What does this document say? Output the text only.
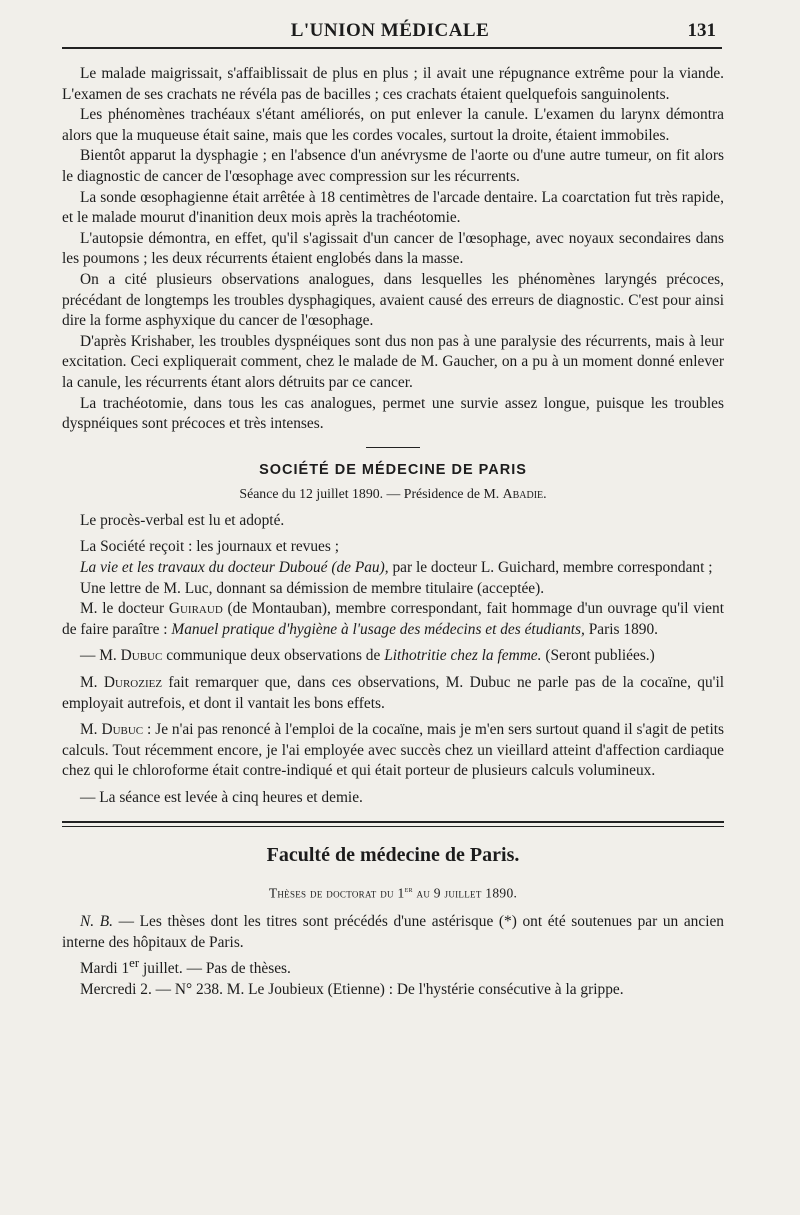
L'UNION MÉDICALE	131

Le malade maigrissait, s'affaiblissait de plus en plus ; il avait une répugnance extrême pour la viande. L'examen de ses crachats ne révéla pas de bacilles ; ces crachats étaient quelquefois sanguinolents.

Les phénomènes trachéaux s'étant améliorés, on put enlever la canule. L'examen du larynx démontra alors que la muqueuse était saine, mais que les cordes vocales, surtout la droite, étaient immobiles.

Bientôt apparut la dysphagie ; en l'absence d'un anévrysme de l'aorte ou d'une autre tumeur, on fit alors le diagnostic de cancer de l'œsophage avec compression sur les récurrents.

La sonde œsophagienne était arrêtée à 18 centimètres de l'arcade dentaire. La coarctation fut très rapide, et le malade mourut d'inanition deux mois après la trachéotomie.

L'autopsie démontra, en effet, qu'il s'agissait d'un cancer de l'œsophage, avec noyaux secondaires dans les poumons ; les deux récurrents étaient englobés dans la masse.

On a cité plusieurs observations analogues, dans lesquelles les phénomènes laryngés précoces, précédant de longtemps les troubles dysphagiques, avaient causé des erreurs de diagnostic. C'est pour ainsi dire la forme asphyxique du cancer de l'œsophage.

D'après Krishaber, les troubles dyspnéiques sont dus non pas à une paralysie des récurrents, mais à leur excitation. Ceci expliquerait comment, chez le malade de M. Gaucher, on a pu à un moment donné enlever la canule, les récurrents étant alors détruits par ce cancer.

La trachéotomie, dans tous les cas analogues, permet une survie assez longue, puisque les troubles dyspnéiques sont précoces et très intenses.

SOCIÉTÉ DE MÉDECINE DE PARIS
Séance du 12 juillet 1890. — Présidence de M. Abadie.

Le procès-verbal est lu et adopté.

La Société reçoit : les journaux et revues ;

La vie et les travaux du docteur Duboué (de Pau), par le docteur L. Guichard, membre correspondant ;

Une lettre de M. Luc, donnant sa démission de membre titulaire (acceptée).

M. le docteur Guiraud (de Montauban), membre correspondant, fait hommage d'un ouvrage qu'il vient de faire paraître : Manuel pratique d'hygiène à l'usage des médecins et des étudiants, Paris 1890.

— M. Dubuc communique deux observations de Lithotritie chez la femme. (Seront publiées.)

M. Duroziez fait remarquer que, dans ces observations, M. Dubuc ne parle pas de la cocaïne, qu'il employait autrefois, et dont il vantait les bons effets.

M. Dubuc : Je n'ai pas renoncé à l'emploi de la cocaïne, mais je m'en sers surtout quand il s'agit de petits calculs. Tout récemment encore, je l'ai employée avec succès chez un vieillard atteint d'affection cardiaque chez qui le chloroforme était contre-indiqué et qui était porteur de plusieurs calculs volumineux.

— La séance est levée à cinq heures et demie.

Faculté de médecine de Paris.
Thèses de doctorat du 1er au 9 juillet 1890.

N. B. — Les thèses dont les titres sont précédés d'une astérisque (*) ont été soutenues par un ancien interne des hôpitaux de Paris.

Mardi 1er juillet. — Pas de thèses.

Mercredi 2. — N° 238. M. Le Joubieux (Etienne) : De l'hystérie consécutive à la grippe.
